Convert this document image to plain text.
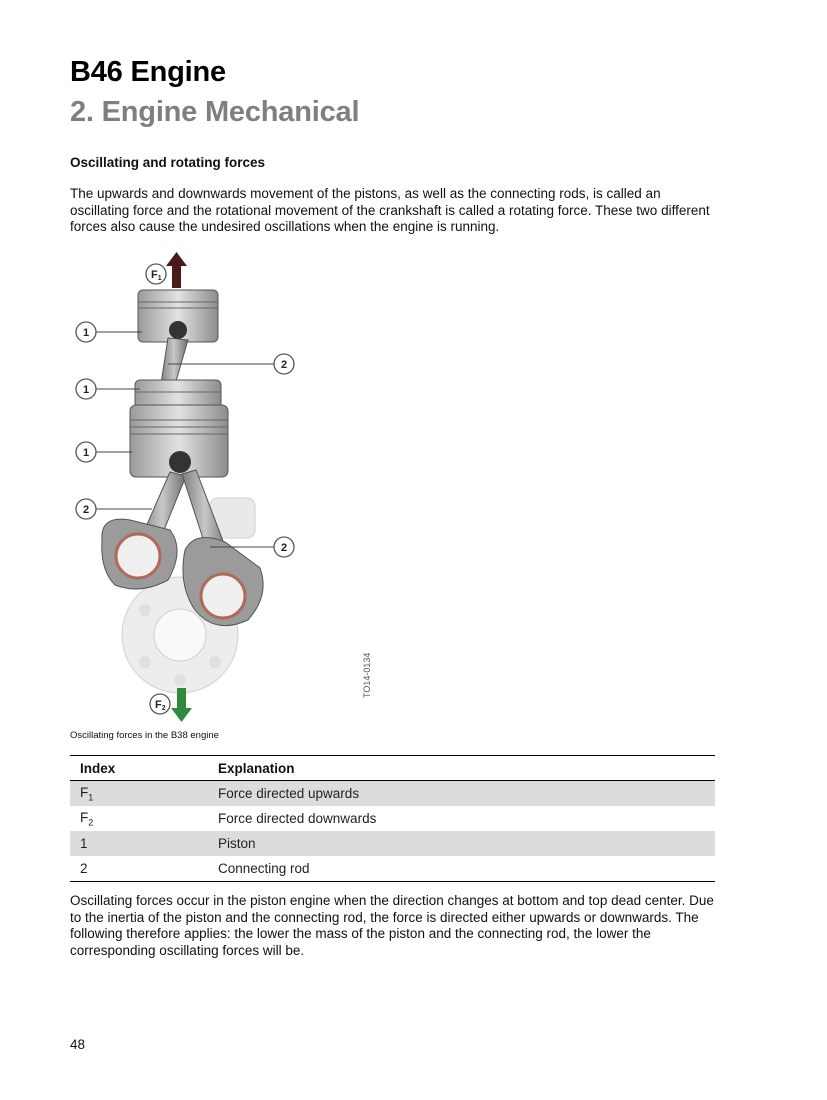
B46 Engine
2. Engine Mechanical
Oscillating and rotating forces

The upwards and downwards movement of the pistons, as well as the connecting rods, is called an oscillating force and the rotational movement of the crankshaft is called a rotating force. These two different forces also cause the undesired oscillations when the engine is running.

1
1
1
2
2
2
F1
F2
TO14-0134
Oscillating forces in the B38 engine
Index	Explanation
$F_1$	Force directed upwards
$F_2$	Force directed downwards
1	Piston
2	Connecting rod

Oscillating forces occur in the piston engine when the direction changes at bottom and top dead center. Due to the inertia of the piston and the connecting rod, the force is directed either upwards or downwards. The following therefore applies: the lower the mass of the piston and the connecting rod, the lower the corresponding oscillating forces will be.

48
